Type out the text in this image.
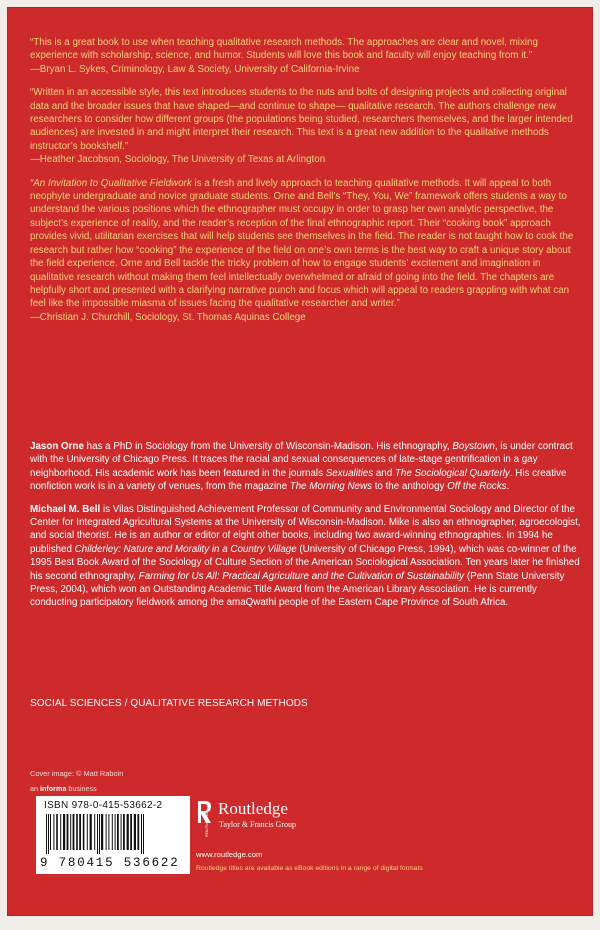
“This is a great book to use when teaching qualitative research methods. The approaches are clear and novel, mixing experience with scholarship, science, and humor. Students will love this book and faculty will enjoy teaching from it.”

—Bryan L. Sykes, Criminology, Law & Society, University of California-Irvine

“Written in an accessible style, this text introduces students to the nuts and bolts of designing projects and collecting original data and the broader issues that have shaped—and continue to shape— qualitative research. The authors challenge new researchers to consider how different groups (the populations being studied, researchers themselves, and the larger intended audiences) are invested in and might interpret their research. This text is a great new addition to the qualitative methods instructor’s bookshelf.”

—Heather Jacobson, Sociology, The University of Texas at Arlington

“An Invitation to Qualitative Fieldwork is a fresh and lively approach to teaching qualitative methods. It will appeal to both neophyte undergraduate and novice graduate students. Orne and Bell’s “They, You, We” framework offers students a way to understand the various positions which the ethnographer must occupy in order to grasp her own analytic perspective, the subject’s experience of reality, and the reader’s reception of the final ethnographic report. Their “cooking book” approach provides vivid, utilitarian exercises that will help students see themselves in the field. The reader is not taught how to cook the research but rather how “cooking” the experience of the field on one’s own terms is the best way to craft a unique story about the field experience. Orne and Bell tackle the tricky problem of how to engage students’ excitement and imagination in qualitative research without making them feel intellectually overwhelmed or afraid of going into the field. The chapters are helpfully short and presented with a clarifying narrative punch and focus which will appeal to readers grappling with what can feel like the impossible miasma of issues facing the qualitative researcher and writer.”

—Christian J. Churchill, Sociology, St. Thomas Aquinas College

Jason Orne has a PhD in Sociology from the University of Wisconsin-Madison. His ethnography, Boystown, is under contract with the University of Chicago Press. It traces the racial and sexual consequences of late-stage gentrification in a gay neighborhood. His academic work has been featured in the journals Sexualities and The Sociological Quarterly. His creative nonfiction work is in a variety of venues, from the magazine The Morning News to the anthology Off the Rocks.

Michael M. Bell is Vilas Distinguished Achievement Professor of Community and Environmental Sociology and Director of the Center for Integrated Agricultural Systems at the University of Wisconsin-Madison. Mike is also an ethnographer, agroecologist, and social theorist. He is an author or editor of eight other books, including two award-winning ethnographies. In 1994 he published Childerley: Nature and Morality in a Country Village (University of Chicago Press, 1994), which was co-winner of the 1995 Best Book Award of the Sociology of Culture Section of the American Sociological Association. Ten years later he finished his second ethnography, Farming for Us All: Practical Agriculture and the Cultivation of Sustainability (Penn State University Press, 2004), which won an Outstanding Academic Title Award from the American Library Association. He is currently conducting participatory fieldwork among the amaQwathi people of the Eastern Cape Province of South Africa.

SOCIAL SCIENCES / QUALITATIVE RESEARCH METHODS
Cover image: © Matt Raboin
an informa business
ISBN 978-0-415-53662-2
9 780415 536622
ROUTLEDGE
Routledge
Taylor & Francis Group
www.routledge.com
Routledge titles are available as eBook editions in a range of digital formats
